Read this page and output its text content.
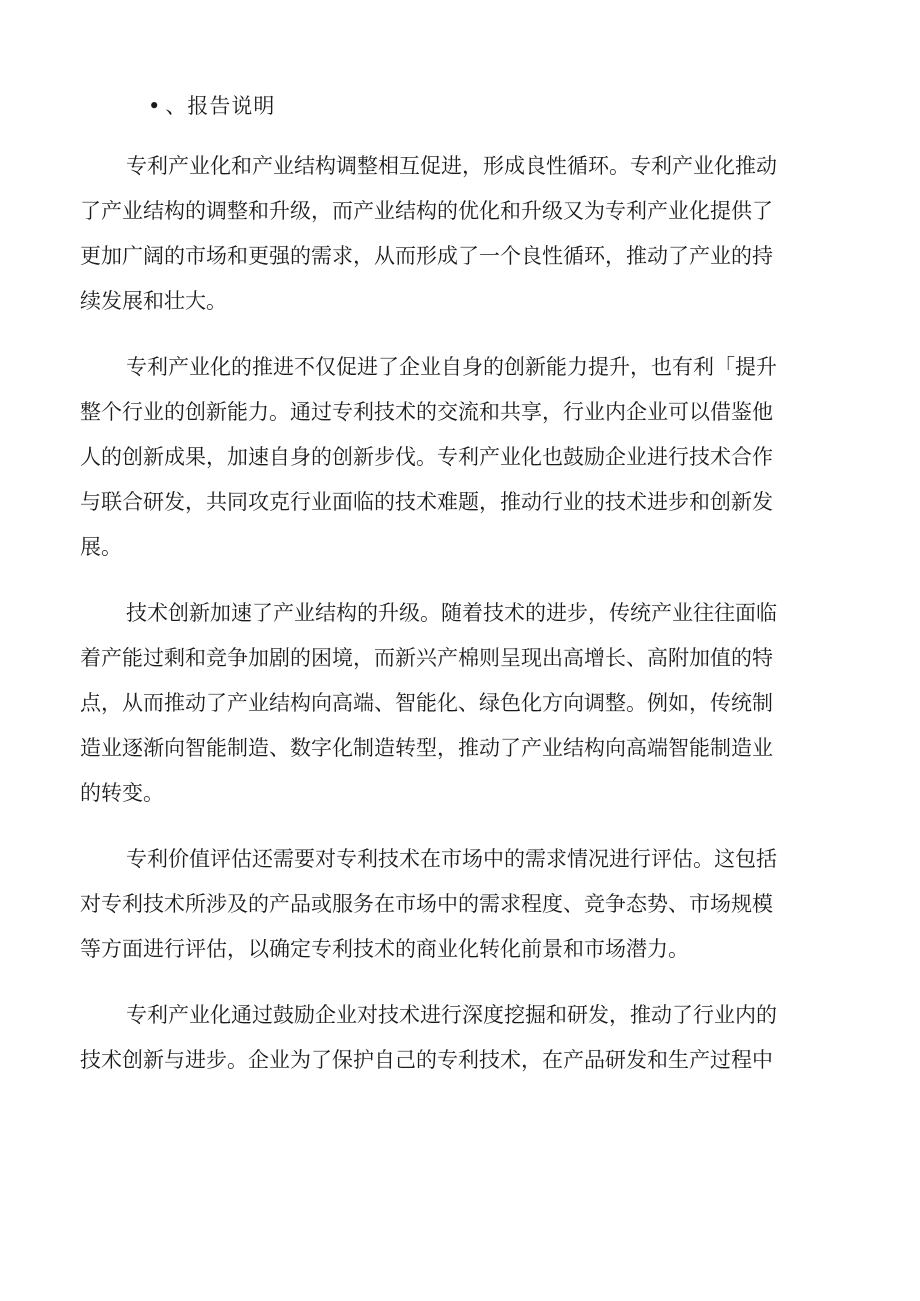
• 、报告说明
专利产业化和产业结构调整相互促进，形成良性循环。专利产业化推动
了产业结构的调整和升级，而产业结构的优化和升级又为专利产业化提供了
更加广阔的市场和更强的需求，从而形成了一个良性循环，推动了产业的持
续发展和壮大。
专利产业化的推进不仅促进了企业自身的创新能力提升，也有利「提升
整个行业的创新能力。通过专利技术的交流和共享，行业内企业可以借鉴他
人的创新成果，加速自身的创新步伐。专利产业化也鼓励企业进行技术合作
与联合研发，共同攻克行业面临的技术难题，推动行业的技术进步和创新发
展。
技术创新加速了产业结构的升级。随着技术的进步，传统产业往往面临
着产能过剩和竞争加剧的困境，而新兴产棉则呈现出高增长、高附加值的特
点，从而推动了产业结构向高端、智能化、绿色化方向调整。例如，传统制
造业逐渐向智能制造、数字化制造转型，推动了产业结构向高端智能制造业
的转变。
专利价值评估还需要对专利技术在市场中的需求情况进行评估。这包括
对专利技术所涉及的产品或服务在市场中的需求程度、竞争态势、市场规模
等方面进行评估，以确定专利技术的商业化转化前景和市场潜力。
专利产业化通过鼓励企业对技术进行深度挖掘和研发，推动了行业内的
技术创新与进步。企业为了保护自己的专利技术，在产品研发和生产过程中
